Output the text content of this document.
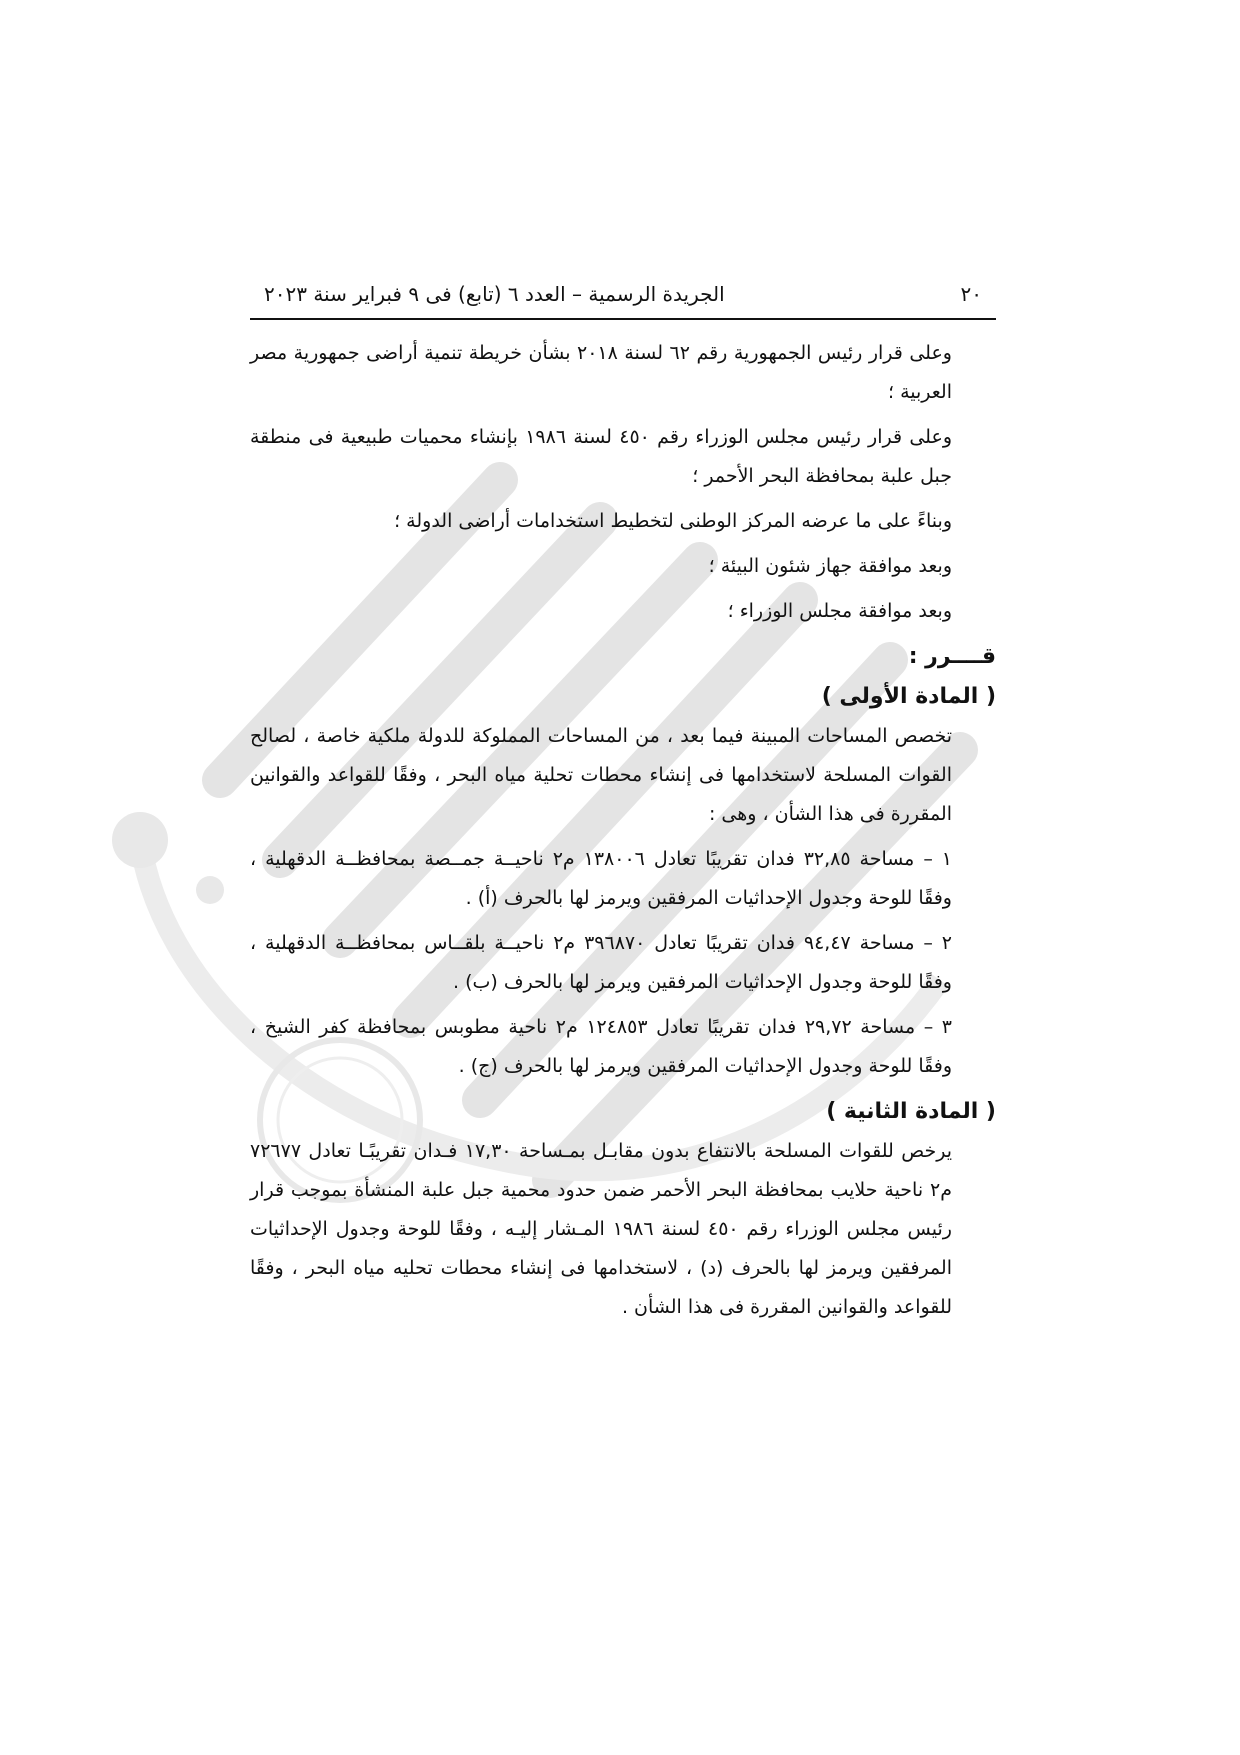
٢٠
الجريدة الرسمية – العدد ٦ (تابع) فى ٩ فبراير سنة ٢٠٢٣

وعلى قرار رئيس الجمهورية رقم ٦٢ لسنة ٢٠١٨ بشأن خريطة تنمية أراضى جمهورية مصر العربية ؛

وعلى قرار رئيس مجلس الوزراء رقم ٤٥٠ لسنة ١٩٨٦ بإنشاء محميات طبيعية فى منطقة جبل علبة بمحافظة البحر الأحمر ؛

وبناءً على ما عرضه المركز الوطنى لتخطيط استخدامات أراضى الدولة ؛

وبعد موافقة جهاز شئون البيئة ؛

وبعد موافقة مجلس الوزراء ؛

قــــرر :
( المادة الأولى )

تخصص المساحات المبينة فيما بعد ، من المساحات المملوكة للدولة ملكية خاصة ، لصالح القوات المسلحة لاستخدامها فى إنشاء محطات تحلية مياه البحر ، وفقًا للقواعد والقوانين المقررة فى هذا الشأن ، وهى :

١ – مساحة ٣٢,٨٥ فدان تقريبًا تعادل ١٣٨٠٠٦ م٢ ناحيــة جمــصة بمحافظــة الدقهلية ، وفقًا للوحة وجدول الإحداثيات المرفقين ويرمز لها بالحرف (أ) .

٢ – مساحة ٩٤,٤٧ فدان تقريبًا تعادل ٣٩٦٨٧٠ م٢ ناحيــة بلقــاس بمحافظــة الدقهلية ، وفقًا للوحة وجدول الإحداثيات المرفقين ويرمز لها بالحرف (ب) .

٣ – مساحة ٢٩,٧٢ فدان تقريبًا تعادل ١٢٤٨٥٣ م٢ ناحية مطوبس بمحافظة كفر الشيخ ، وفقًا للوحة وجدول الإحداثيات المرفقين ويرمز لها بالحرف (ج) .

( المادة الثانية )

يرخص للقوات المسلحة بالانتفاع بدون مقابـل بمـساحة ١٧,٣٠ فـدان تقريبًـا تعادل ٧٢٦٧٧ م٢ ناحية حلايب بمحافظة البحر الأحمر ضمن حدود محمية جبل علبة المنشأة بموجب قرار رئيس مجلس الوزراء رقم ٤٥٠ لسنة ١٩٨٦ المـشار إليـه ، وفقًا للوحة وجدول الإحداثيات المرفقين ويرمز لها بالحرف (د) ، لاستخدامها فى إنشاء محطات تحليه مياه البحر ، وفقًا للقواعد والقوانين المقررة فى هذا الشأن .
